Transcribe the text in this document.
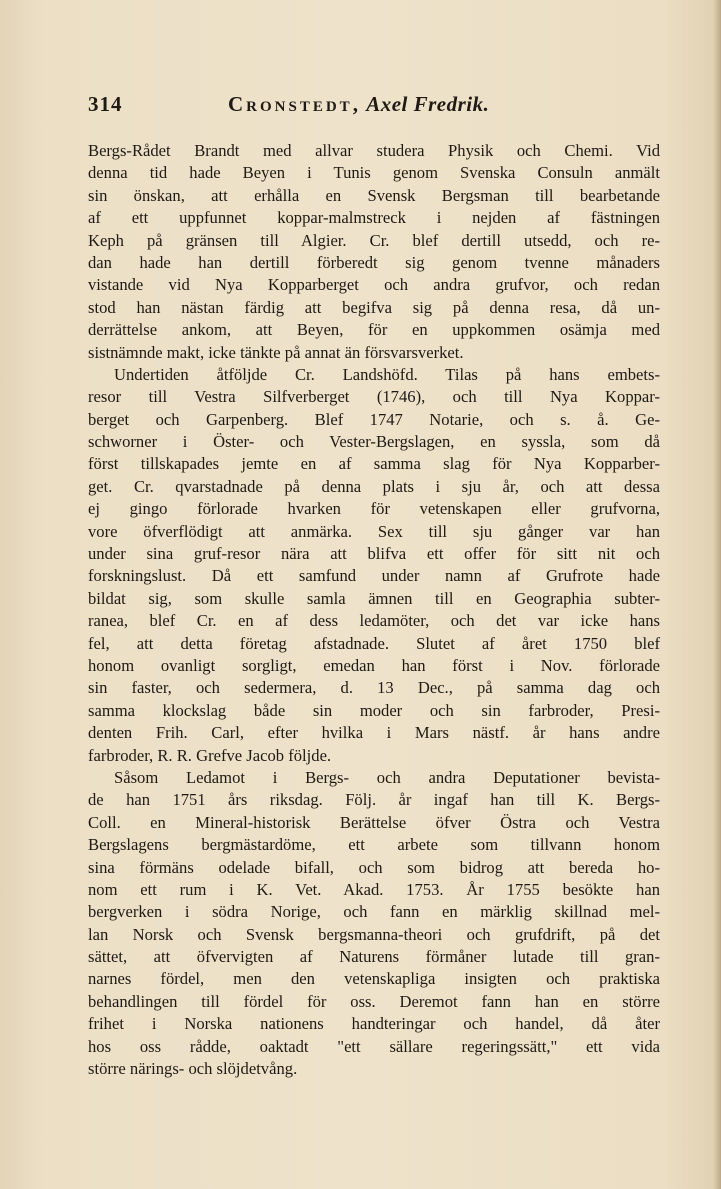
314	Cronstedt, Axel Fredrik.
Bergs-Rådet Brandt med allvar studera Physik och Chemi. Vid
denna tid hade Beyen i Tunis genom Svenska Consuln anmält
sin önskan, att erhålla en Svensk Bergsman till bearbetande
af ett uppfunnet koppar-malmstreck i nejden af fästningen
Keph på gränsen till Algier. Cr. blef dertill utsedd, och re-
dan hade han dertill förberedt sig genom tvenne månaders
vistande vid Nya Kopparberget och andra grufvor, och redan
stod han nästan färdig att begifva sig på denna resa, då un-
derrättelse ankom, att Beyen, för en uppkommen osämja med
sistnämnde makt, icke tänkte på annat än försvarsverket.
Undertiden åtföljde Cr. Landshöfd. Tilas på hans embets-
resor till Vestra Silfverberget (1746), och till Nya Koppar-
berget och Garpenberg. Blef 1747 Notarie, och s. å. Ge-
schworner i Öster- och Vester-Bergslagen, en syssla, som då
först tillskapades jemte en af samma slag för Nya Kopparber-
get. Cr. qvarstadnade på denna plats i sju år, och att dessa
ej gingo förlorade hvarken för vetenskapen eller grufvorna,
vore öfverflödigt att anmärka. Sex till sju gånger var han
under sina gruf-resor nära att blifva ett offer för sitt nit och
forskningslust. Då ett samfund under namn af Grufrote hade
bildat sig, som skulle samla ämnen till en Geographia subter-
ranea, blef Cr. en af dess ledamöter, och det var icke hans
fel, att detta företag afstadnade. Slutet af året 1750 blef
honom ovanligt sorgligt, emedan han först i Nov. förlorade
sin faster, och sedermera, d. 13 Dec., på samma dag och
samma klockslag både sin moder och sin farbroder, Presi-
denten Frih. Carl, efter hvilka i Mars nästf. år hans andre
farbroder, R. R. Grefve Jacob följde.
Såsom Ledamot i Bergs- och andra Deputationer bevista-
de han 1751 års riksdag. Följ. år ingaf han till K. Bergs-
Coll. en Mineral-historisk Berättelse öfver Östra och Vestra
Bergslagens bergmästardöme, ett arbete som tillvann honom
sina förmäns odelade bifall, och som bidrog att bereda ho-
nom ett rum i K. Vet. Akad. 1753. År 1755 besökte han
bergverken i södra Norige, och fann en märklig skillnad mel-
lan Norsk och Svensk bergsmanna-theori och grufdrift, på det
sättet, att öfvervigten af Naturens förmåner lutade till gran-
narnes fördel, men den vetenskapliga insigten och praktiska
behandlingen till fördel för oss. Deremot fann han en större
frihet i Norska nationens handteringar och handel, då åter
hos oss rådde, oaktadt "ett sällare regeringssätt," ett vida
större närings- och slöjdetvång.
